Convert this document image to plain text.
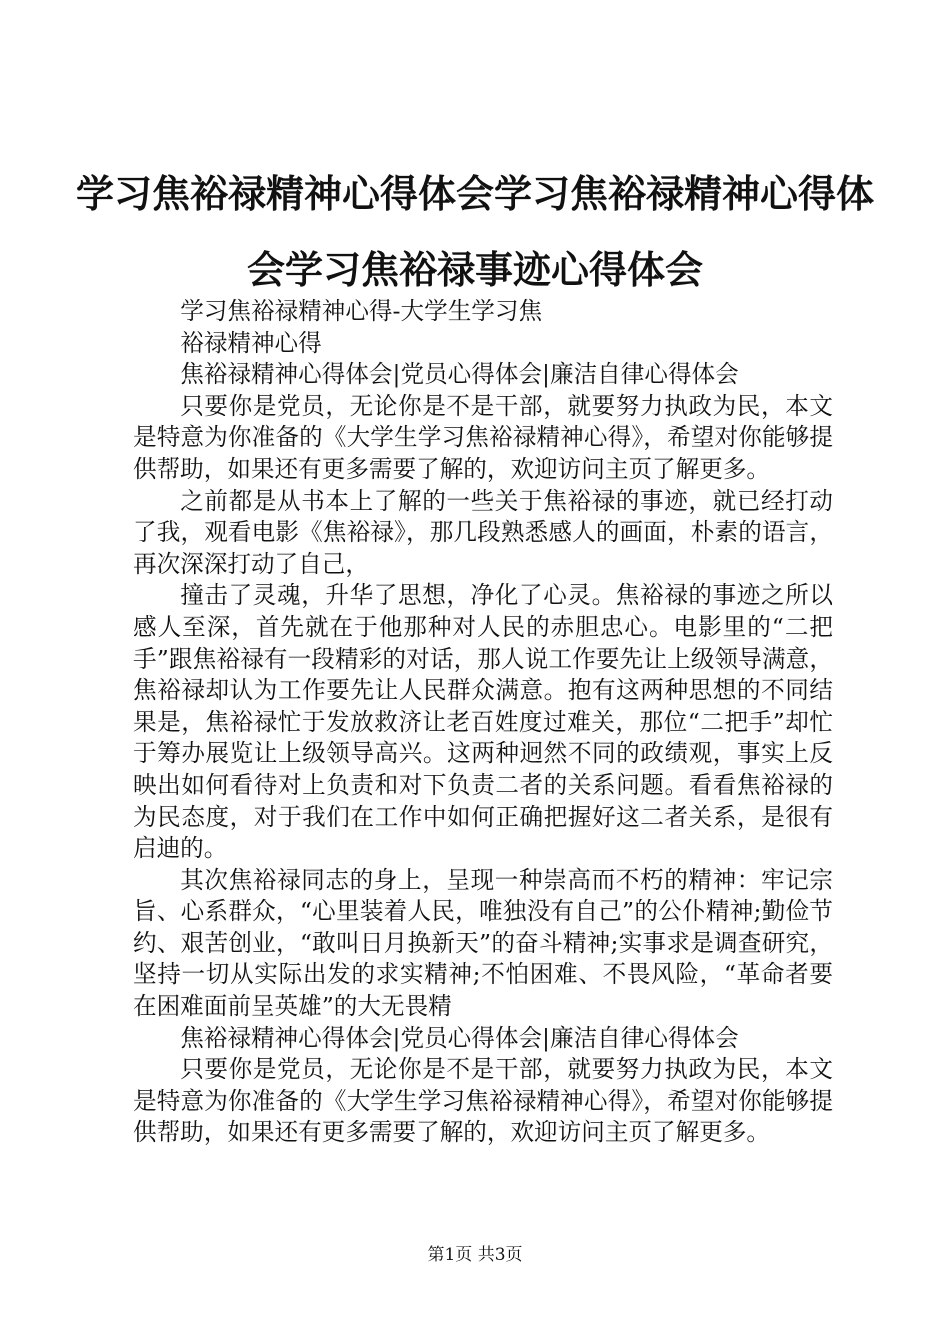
学习焦裕禄精神心得体会学习焦裕禄精神心得体会学习焦裕禄事迹心得体会

学习焦裕禄精神心得-大学生学习焦

裕禄精神心得

焦裕禄精神心得体会|党员心得体会|廉洁自律心得体会

只要你是党员，无论你是不是干部，就要努力执政为民，本文是特意为你准备的《大学生学习焦裕禄精神心得》，希望对你能够提供帮助，如果还有更多需要了解的，欢迎访问主页了解更多。

之前都是从书本上了解的一些关于焦裕禄的事迹，就已经打动了我，观看电影《焦裕禄》，那几段熟悉感人的画面，朴素的语言，再次深深打动了自己，

撞击了灵魂，升华了思想，净化了心灵。焦裕禄的事迹之所以感人至深，首先就在于他那种对人民的赤胆忠心。电影里的“二把手”跟焦裕禄有一段精彩的对话，那人说工作要先让上级领导满意，焦裕禄却认为工作要先让人民群众满意。抱有这两种思想的不同结果是，焦裕禄忙于发放救济让老百姓度过难关，那位“二把手”却忙于筹办展览让上级领导高兴。这两种迥然不同的政绩观，事实上反映出如何看待对上负责和对下负责二者的关系问题。看看焦裕禄的为民态度，对于我们在工作中如何正确把握好这二者关系，是很有启迪的。

其次焦裕禄同志的身上，呈现一种崇高而不朽的精神：牢记宗旨、心系群众，“心里装着人民，唯独没有自己”的公仆精神;勤俭节约、艰苦创业，“敢叫日月换新天”的奋斗精神;实事求是调查研究，坚持一切从实际出发的求实精神;不怕困难、不畏风险，“革命者要在困难面前呈英雄”的大无畏精

焦裕禄精神心得体会|党员心得体会|廉洁自律心得体会

只要你是党员，无论你是不是干部，就要努力执政为民，本文是特意为你准备的《大学生学习焦裕禄精神心得》，希望对你能够提供帮助，如果还有更多需要了解的，欢迎访问主页了解更多。

第1页 共3页
